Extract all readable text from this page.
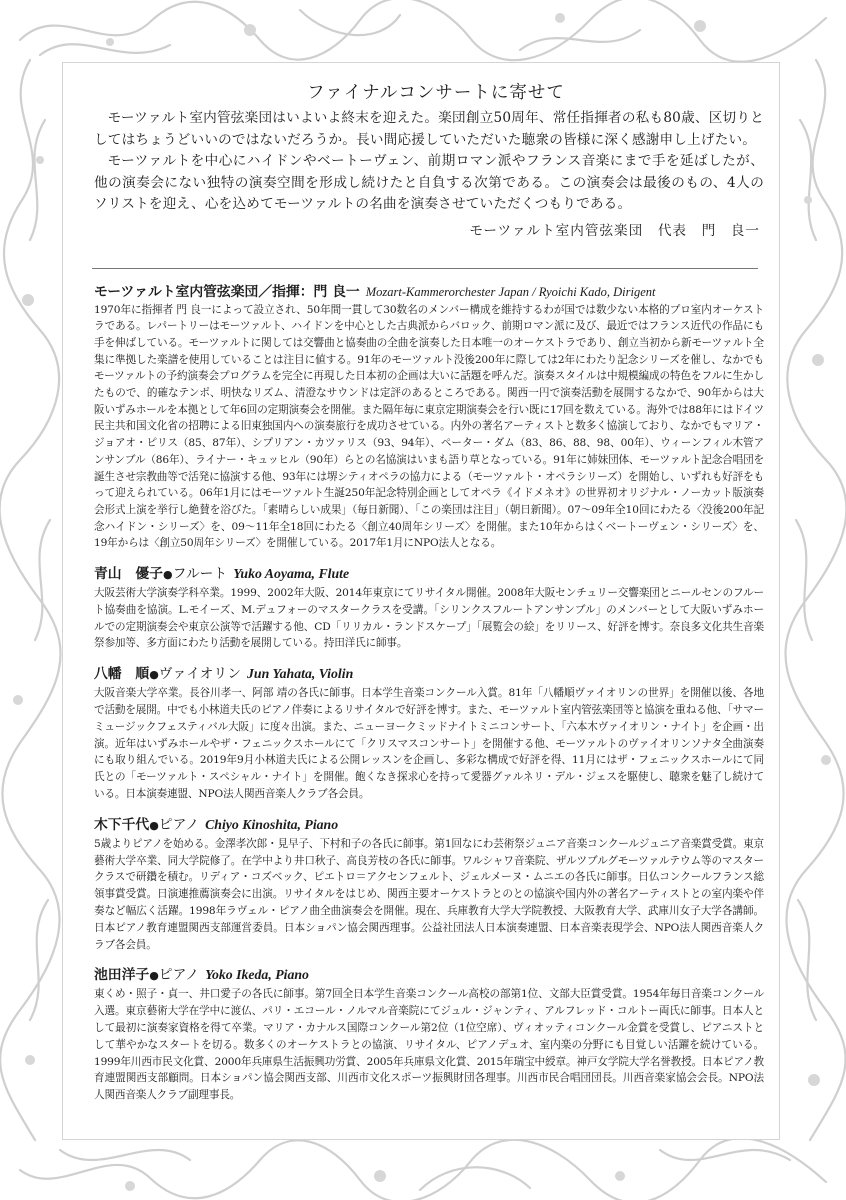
ファイナルコンサートに寄せて

モーツァルト室内管弦楽団はいよいよ終末を迎えた。楽団創立50周年、常任指揮者の私も80歳、区切りとしてはちょうどいいのではないだろうか。長い間応援していただいた聴衆の皆様に深く感謝申し上げたい。

モーツァルトを中心にハイドンやベートーヴェン、前期ロマン派やフランス音楽にまで手を延ばしたが、他の演奏会にない独特の演奏空間を形成し続けたと自負する次第である。この演奏会は最後のもの、4人のソリストを迎え、心を込めてモーツァルトの名曲を演奏させていただくつもりである。

モーツァルト室内管弦楽団　代表　門　良一
モーツァルト室内管弦楽団／指揮：門 良一 Mozart-Kammerorchester Japan / Ryoichi Kado, Dirigent

1970年に指揮者 門 良一によって設立され、50年間一貫して30数名のメンバー構成を維持するわが国では数少ない本格的プロ室内オーケストラである。レパートリーはモーツァルト、ハイドンを中心とした古典派からバロック、前期ロマン派に及び、最近ではフランス近代の作品にも手を伸ばしている。モーツァルトに関しては交響曲と協奏曲の全曲を演奏した日本唯一のオーケストラであり、創立当初から新モーツァルト全集に準拠した楽譜を使用していることは注目に値する。91年のモーツァルト没後200年に際しては2年にわたり記念シリーズを催し、なかでもモーツァルトの予約演奏会プログラムを完全に再現した日本初の企画は大いに話題を呼んだ。演奏スタイルは中規模編成の特色をフルに生かしたもので、的確なテンポ、明快なリズム、清澄なサウンドは定評のあるところである。関西一円で演奏活動を展開するなかで、90年からは大阪いずみホールを本拠として年6回の定期演奏会を開催。また隔年毎に東京定期演奏会を行い既に17回を数えている。海外では88年にはドイツ民主共和国文化省の招聘による旧東独国内への演奏旅行を成功させている。内外の著名アーティストと数多く協演しており、なかでもマリア・ジョアオ・ピリス（85、87年）、シプリアン・カツァリス（93、94年）、ペーター・ダム（83、86、88、98、00年）、ウィーンフィル木管アンサンブル（86年）、ライナー・キュッヒル（90年）らとの名協演はいまも語り草となっている。91年に姉妹団体、モーツァルト記念合唱団を誕生させ宗教曲等で活発に協演する他、93年には堺シティオペラの協力による（モーツァルト・オペラシリーズ）を開始し、いずれも好評をもって迎えられている。06年1月にはモーツァルト生誕250年記念特別企画としてオペラ《イドメネオ》の世界初オリジナル・ノーカット版演奏会形式上演を挙行し絶賛を浴びた。「素晴らしい成果」（毎日新聞）、「この楽団は注目」（朝日新聞）。07～09年全10回にわたる〈没後200年記念ハイドン・シリーズ〉を、09～11年全18回にわたる〈創立40周年シリーズ〉を開催。また10年からはくベートーヴェン・シリーズ〉を、19年からは〈創立50周年シリーズ〉を開催している。2017年1月にNPO法人となる。

青山　優子●フルート Yuko Aoyama, Flute

大阪芸術大学演奏学科卒業。1999、2002年大阪、2014年東京にてリサイタル開催。2008年大阪センチュリー交響楽団とニールセンのフルート協奏曲を協演。L.モイーズ、M.デュフォーのマスタークラスを受講。「シリンクスフルートアンサンブル」のメンバーとして大阪いずみホールでの定期演奏会や東京公演等で活躍する他、CD「リリカル・ランドスケープ」「展覧会の絵」をリリース、好評を博す。奈良多文化共生音楽祭参加等、多方面にわたり活動を展開している。持田洋氏に師事。

八幡　順●ヴァイオリン Jun Yahata, Violin

大阪音楽大学卒業。長谷川孝一、阿部 靖の各氏に師事。日本学生音楽コンクール入賞。81年「八幡順ヴァイオリンの世界」を開催以後、各地で活動を展開。中でも小林道夫氏のピアノ伴奏によるリサイタルで好評を博す。また、モーツァルト室内管弦楽団等と協演を重ねる他、「サマーミュージックフェスティバル大阪」に度々出演。また、ニューヨークミッドナイトミニコンサート、「六本木ヴァイオリン・ナイト」を企画・出演。近年はいずみホールやザ・フェニックスホールにて「クリスマスコンサート」を開催する他、モーツァルトのヴァイオリンソナタ全曲演奏にも取り組んでいる。2019年9月小林道夫氏による公開レッスンを企画し、多彩な構成で好評を得、11月にはザ・フェニックスホールにて同氏との「モーツァルト・スペシャル・ナイト」を開催。飽くなき探求心を持って愛器グァルネリ・デル・ジェスを駆使し、聴衆を魅了し続けている。日本演奏連盟、NPO法人関西音楽人クラブ各会員。

木下千代●ピアノ Chiyo Kinoshita, Piano

5歳よりピアノを始める。金澤孝次郎・見早子、下村和子の各氏に師事。第1回なにわ芸術祭ジュニア音楽コンクールジュニア音楽賞受賞。東京藝術大学卒業、同大学院修了。在学中より井口秋子、高良芳枝の各氏に師事。ワルシャワ音楽院、ザルツブルグモーツァルテウム等のマスタークラスで研鑽を積む。リディア・コズベック、ピエトロ＝アクセンフェルト、ジェルメーヌ・ムニエの各氏に師事。日仏コンクールフランス総領事賞受賞。日演連推薦演奏会に出演。リサイタルをはじめ、関西主要オーケストラとのとの協演や国内外の著名アーティストとの室内楽や伴奏など幅広く活躍。1998年ラヴェル・ピアノ曲全曲演奏会を開催。現在、兵庫教育大学大学院教授、大阪教育大学、武庫川女子大学各講師。日本ピアノ教育連盟関西支部運営委員。日本ショパン協会関西理事。公益社団法人日本演奏連盟、日本音楽表現学会、NPO法人関西音楽人クラブ各会員。

池田洋子●ピアノ Yoko Ikeda, Piano

東くめ・照子・貞一、井口愛子の各氏に師事。第7回全日本学生音楽コンクール高校の部第1位、文部大臣賞受賞。1954年毎日音楽コンクール入選。東京藝術大学在学中に渡仏、パリ・エコール・ノルマル音楽院にてジュル・ジャンティ、アルフレッド・コルトー両氏に師事。日本人として最初に演奏家資格を得て卒業。マリア・カナルス国際コンクール第2位（1位空席）、ヴィオッティコンクール金賞を受賞し、ピアニストとして華やかなスタートを切る。数多くのオーケストラとの協演、リサイタル、ピアノデュオ、室内楽の分野にも目覚しい活躍を続けている。1999年川西市民文化賞、2000年兵庫県生活振興功労賞、2005年兵庫県文化賞、2015年瑞宝中綬章。神戸女学院大学名誉教授。日本ピアノ教育連盟関西支部顧問。日本ショパン協会関西支部、川西市文化スポーツ振興財団各理事。川西市民合唱団団長。川西音楽家協会会長。NPO法人関西音楽人クラブ副理事長。
